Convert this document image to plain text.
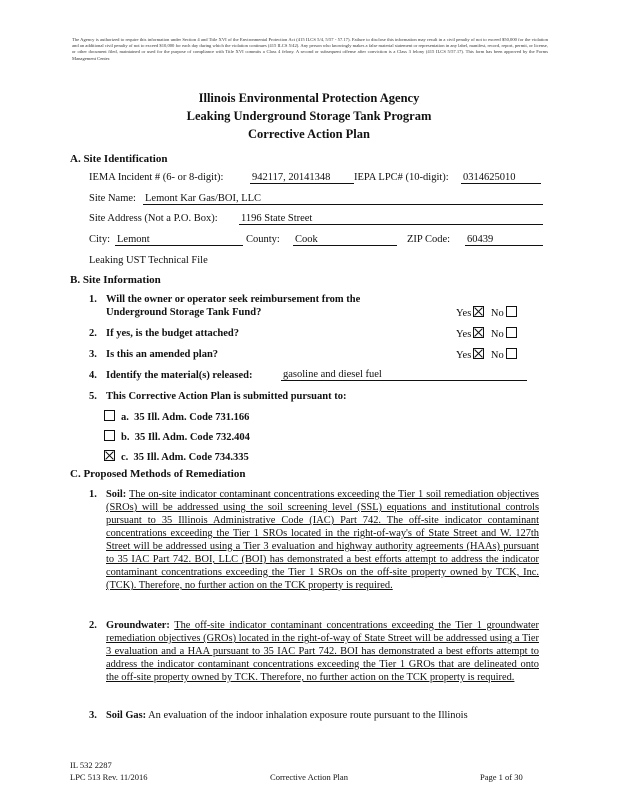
The Agency is authorized to require this information under Section 4 and Title XVI of the Environmental Protection Act (415 ILCS 5/4, 5/57 - 57.17). Failure to disclose this information may result in a civil penalty of not to exceed $50,000 for the violation and an additional civil penalty of not to exceed $10,000 for each day during which the violation continues (415 ILCS 5/42). Any person who knowingly makes a false material statement or representation in any label, manifest, record, report, permit, or license, or other document filed, maintained or used for the purpose of compliance with Title XVI commits a Class 4 felony. A second or subsequent offense after conviction is a Class 3 felony (415 ILCS 5/57.17). This form has been approved by the Forms Management Center.
Illinois Environmental Protection Agency
Leaking Underground Storage Tank Program
Corrective Action Plan
A. Site Identification
IEMA Incident # (6- or 8-digit):	942117, 20141348	IEPA LPC# (10-digit): 0314625010
Site Name: Lemont Kar Gas/BOI, LLC
Site Address (Not a P.O. Box): 1196 State Street
City: Lemont	County: Cook	ZIP Code: 60439
Leaking UST Technical File
B. Site Information
1. Will the owner or operator seek reimbursement from the
Underground Storage Tank Fund?	Yes No
2. If yes, is the budget attached?	Yes No
3. Is this an amended plan?	Yes No
4. Identify the material(s) released:	gasoline and diesel fuel
5. This Corrective Action Plan is submitted pursuant to:
a. 35 Ill. Adm. Code 731.166
b. 35 Ill. Adm. Code 732.404
c. 35 Ill. Adm. Code 734.335
C. Proposed Methods of Remediation
1. Soil: The on-site indicator contaminant concentrations exceeding the Tier 1 soil remediation objectives (SROs) will be addressed using the soil screening level (SSL) equations and institutional controls pursuant to 35 Illinois Administrative Code (IAC) Part 742. The off-site indicator contaminant concentrations exceeding the Tier 1 SROs located in the right-of-way's of State Street and W. 127th Street will be addressed using a Tier 3 evaluation and highway authority agreements (HAAs) pursuant to 35 IAC Part 742. BOI, LLC (BOI) has demonstrated a best efforts attempt to address the indicator contaminant concentrations exceeding the Tier 1 SROs on the off-site property owned by TCK, Inc. (TCK). Therefore, no further action on the TCK property is required.
2. Groundwater: The off-site indicator contaminant concentrations exceeding the Tier 1 groundwater remediation objectives (GROs) located in the right-of-way of State Street will be addressed using a Tier 3 evaluation and a HAA pursuant to 35 IAC Part 742. BOI has demonstrated a best efforts attempt to address the indicator contaminant concentrations exceeding the Tier 1 GROs that are delineated onto the off-site property owned by TCK. Therefore, no further action on the TCK property is required.
3. Soil Gas: An evaluation of the indoor inhalation exposure route pursuant to the Illinois
IL 532 2287
LPC 513 Rev. 11/2016	Corrective Action Plan	Page 1 of 30
